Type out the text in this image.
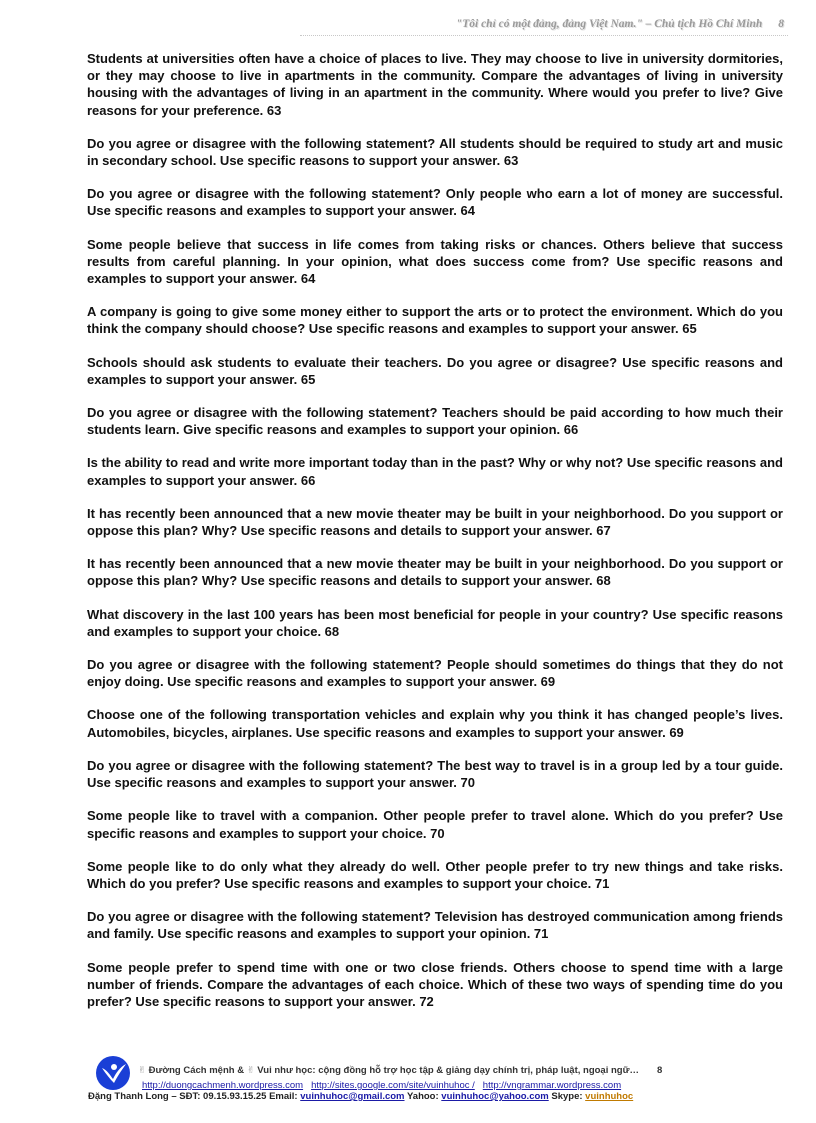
"Tôi chỉ có một đảng, đảng Việt Nam." – Chủ tịch Hồ Chí Minh 8

Students at universities often have a choice of places to live. They may choose to live in university dormitories, or they may choose to live in apartments in the community. Compare the advantages of living in university housing with the advantages of living in an apartment in the community. Where would you prefer to live? Give reasons for your preference. 63

Do you agree or disagree with the following statement? All students should be required to study art and music in secondary school. Use specific reasons to support your answer. 63

Do you agree or disagree with the following statement? Only people who earn a lot of money are successful. Use specific reasons and examples to support your answer. 64

Some people believe that success in life comes from taking risks or chances. Others believe that success results from careful planning. In your opinion, what does success come from? Use specific reasons and examples to support your answer. 64

A company is going to give some money either to support the arts or to protect the environment. Which do you think the company should choose? Use specific reasons and examples to support your answer. 65

Schools should ask students to evaluate their teachers. Do you agree or disagree? Use specific reasons and examples to support your answer. 65

Do you agree or disagree with the following statement? Teachers should be paid according to how much their students learn. Give specific reasons and examples to support your opinion. 66

Is the ability to read and write more important today than in the past? Why or why not? Use specific reasons and examples to support your answer. 66

It has recently been announced that a new movie theater may be built in your neighborhood. Do you support or oppose this plan? Why? Use specific reasons and details to support your answer. 67

It has recently been announced that a new movie theater may be built in your neighborhood. Do you support or oppose this plan? Why? Use specific reasons and details to support your answer. 68

What discovery in the last 100 years has been most beneficial for people in your country? Use specific reasons and examples to support your choice. 68

Do you agree or disagree with the following statement? People should sometimes do things that they do not enjoy doing. Use specific reasons and examples to support your answer. 69

Choose one of the following transportation vehicles and explain why you think it has changed people’s lives. Automobiles, bicycles, airplanes. Use specific reasons and examples to support your answer. 69

Do you agree or disagree with the following statement? The best way to travel is in a group led by a tour guide. Use specific reasons and examples to support your answer. 70

Some people like to travel with a companion. Other people prefer to travel alone. Which do you prefer? Use specific reasons and examples to support your choice. 70

Some people like to do only what they already do well. Other people prefer to try new things and take risks. Which do you prefer? Use specific reasons and examples to support your choice. 71

Do you agree or disagree with the following statement? Television has destroyed communication among friends and family. Use specific reasons and examples to support your opinion. 71

Some people prefer to spend time with one or two close friends. Others choose to spend time with a large number of friends. Compare the advantages of each choice. Which of these two ways of spending time do you prefer? Use specific reasons to support your answer. 72

✌ Đường Cách mệnh & ✌ Vui như học: cộng đồng hỗ trợ học tập & giảng dạy chính trị, pháp luật, ngoại ngữ… 8
http://duongcachmenh.wordpress.com http://sites.google.com/site/vuinhuhoc / http://vngrammar.wordpress.com
Đặng Thanh Long – SĐT: 09.15.93.15.25 Email: vuinhuhoc@gmail.com Yahoo: vuinhuhoc@yahoo.com Skype: vuinhuhoc
